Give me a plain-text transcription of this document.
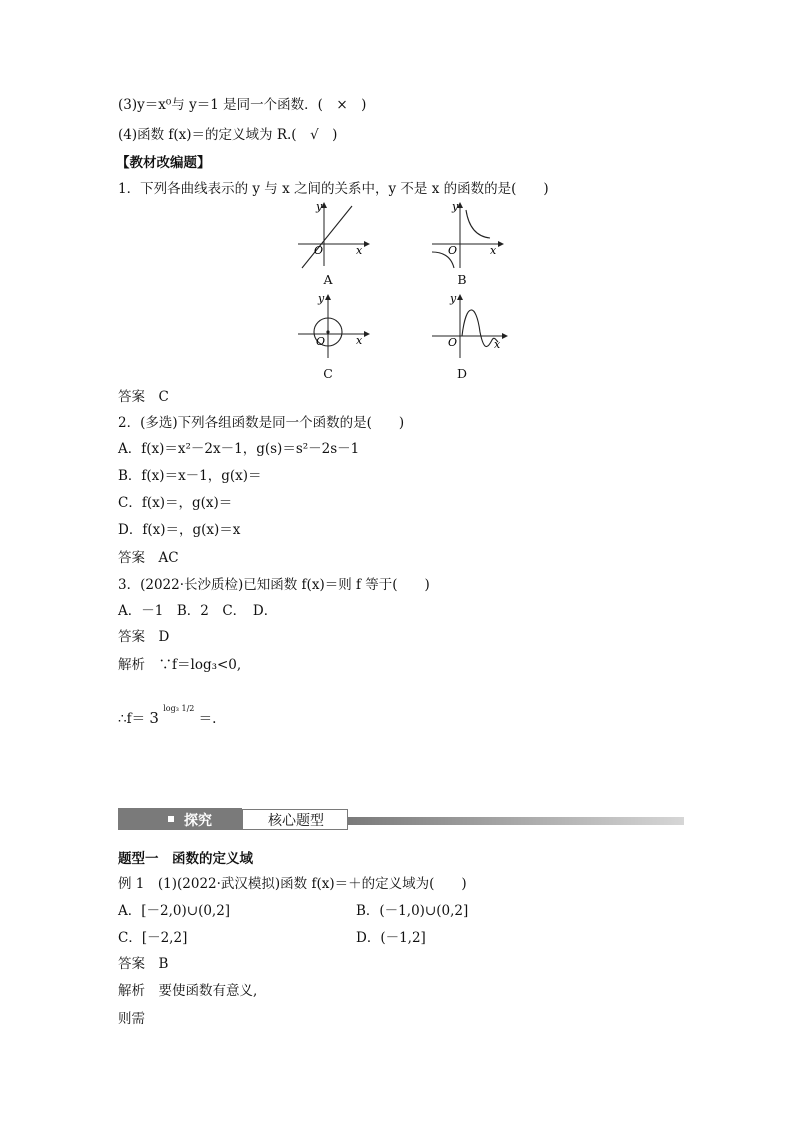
(3)y＝x⁰与 y＝1 是同一个函数．(　×　)
(4)函数 f(x)＝的定义域为 R.(　√　)
【教材改编题】
1．下列各曲线表示的 y 与 x 之间的关系中，y 不是 x 的函数的是(　　)
x
y
O
A
x
y
O
B
x
y
O
C
x
y
O
D
答案　C
2．(多选)下列各组函数是同一个函数的是(　　)
A．f(x)＝x²－2x－1，g(s)＝s²－2s－1
B．f(x)＝x－1，g(x)＝
C．f(x)＝，g(x)＝
D．f(x)＝，g(x)＝x
答案　AC
3．(2022·长沙质检)已知函数 f(x)＝则 f 等于(　　)
A．－1　B．2　C．　D．
答案　D
解析　∵f＝log₃<0,
∴f＝ 3 $^{log_3 1/2}$ ＝.
探究	核心题型
题型一　函数的定义域
例 1　(1)(2022·武汉模拟)函数 f(x)＝＋的定义域为(　　)
A．[－2,0)∪(0,2]	B．(－1,0)∪(0,2]
C．[－2,2]	D．(－1,2]
答案　B
解析　要使函数有意义,
则需
